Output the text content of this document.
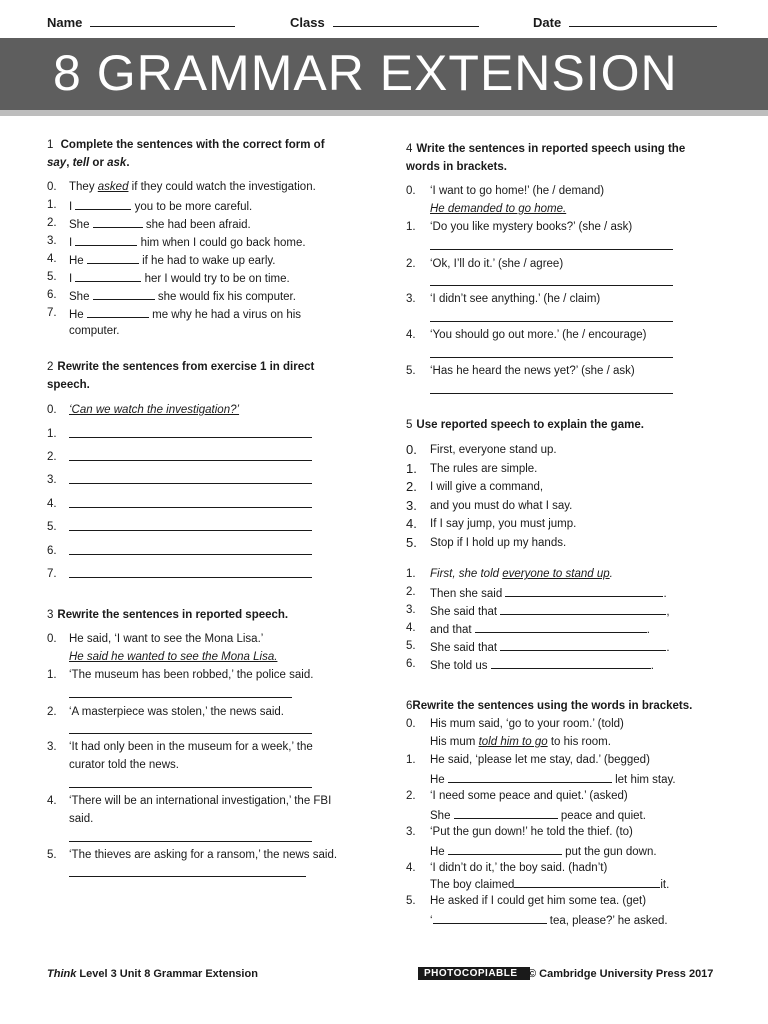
Name	Class	Date
8 GRAMMAR EXTENSION
1 Complete the sentences with the correct form of
say, tell or ask.
0. They asked if they could watch the investigation.
1. I	you to be more careful.
2. She	she had been afraid.
3. I	him when I could go back home.
4. He	if he had to wake up early.
5. I	her I would try to be on time.
6. She	she would fix his computer.
7. He	me why he had a virus on his
computer.
2 Rewrite the sentences from exercise 1 in direct speech.
0. ‘Can we watch the investigation?’
1.
2.
3.
4.
5.
6.
7.
3 Rewrite the sentences in reported speech.
0. He said, ‘I want to see the Mona Lisa.’
He said he wanted to see the Mona Lisa.
1. ‘The museum has been robbed,’ the police said.
2. ‘A masterpiece was stolen,’ the news said.
3. ‘It had only been in the museum for a week,’ the
curator told the news.
4. ‘There will be an international investigation,’ the FBI
said.
5. ‘The thieves are asking for a ransom,’ the news said.
4 Write the sentences in reported speech using the words in brackets.
0. ‘I want to go home!’ (he / demand)
He demanded to go home.
1. ‘Do you like mystery books?’ (she / ask)
2. ‘Ok, I’ll do it.’ (she / agree)
3. ‘I didn’t see anything.’ (he / claim)
4. ‘You should go out more.’ (he / encourage)
5. ‘Has he heard the news yet?’ (she / ask)
5 Use reported speech to explain the game.
0. First, everyone stand up.
1. The rules are simple.
2. I will give a command,
3. and you must do what I say.
4. If I say jump, you must jump.
5. Stop if I hold up my hands.
1. First, she told everyone to stand up.
2. Then she said	.
3. She said that	,
4. and that	.
5. She said that	.
6. She told us	.
6Rewrite the sentences using the words in brackets.
0. His mum said, ‘go to your room.’ (told)
His mum told him to go to his room.
1. He said, ‘please let me stay, dad.’ (begged)
He	let him stay.
2. ‘I need some peace and quiet.’ (asked)
She	peace and quiet.
3. ‘Put the gun down!’ he told the thief. (to)
He	put the gun down.
4. ‘I didn’t do it,’ the boy said. (hadn’t)
The boy claimed	it.
5. He asked if I could get him some tea. (get)
‘	tea, please?’ he asked.
Think Level 3 Unit 8 Grammar Extension	PHOTOCOPIABLE © Cambridge University Press 2017
